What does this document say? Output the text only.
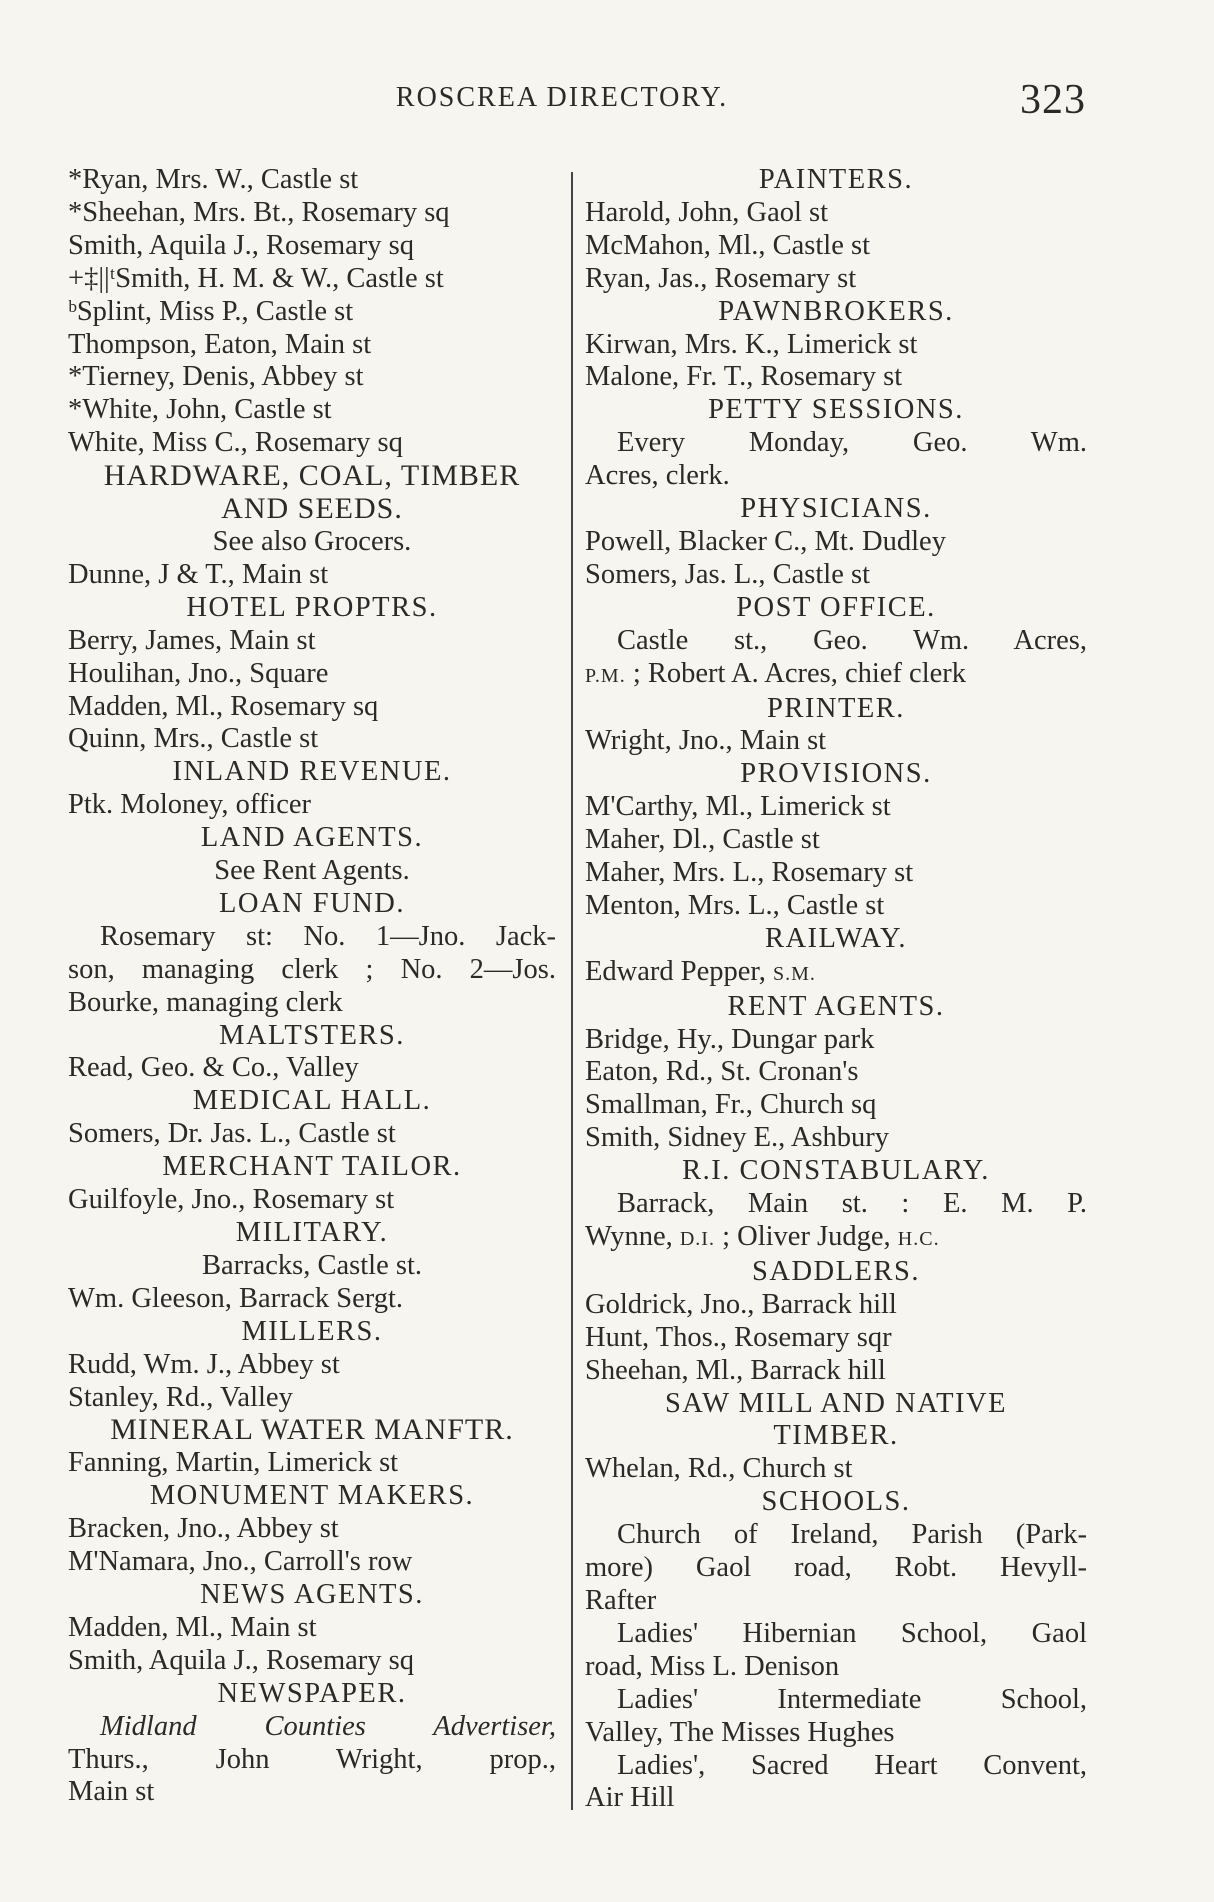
ROSCREA DIRECTORY.	323
*Ryan, Mrs. W., Castle st
*Sheehan, Mrs. Bt., Rosemary sq
Smith, Aquila J., Rosemary sq
+‡||ᵗSmith, H. M. & W., Castle st
ᵇSplint, Miss P., Castle st
Thompson, Eaton, Main st
*Tierney, Denis, Abbey st
*White, John, Castle st
White, Miss C., Rosemary sq
HARDWARE, COAL, TIMBER
AND SEEDS.
See also Grocers.
Dunne, J & T., Main st
HOTEL PROPTRS.
Berry, James, Main st
Houlihan, Jno., Square
Madden, Ml., Rosemary sq
Quinn, Mrs., Castle st
INLAND REVENUE.
Ptk. Moloney, officer
LAND AGENTS.
See Rent Agents.
LOAN FUND.
Rosemary st: No. 1—Jno. Jack-
son, managing clerk ; No. 2—Jos.
Bourke, managing clerk
MALTSTERS.
Read, Geo. & Co., Valley
MEDICAL HALL.
Somers, Dr. Jas. L., Castle st
MERCHANT TAILOR.
Guilfoyle, Jno., Rosemary st
MILITARY.
Barracks, Castle st.
Wm. Gleeson, Barrack Sergt.
MILLERS.
Rudd, Wm. J., Abbey st
Stanley, Rd., Valley
MINERAL WATER MANFTR.
Fanning, Martin, Limerick st
MONUMENT MAKERS.
Bracken, Jno., Abbey st
M'Namara, Jno., Carroll's row
NEWS AGENTS.
Madden, Ml., Main st
Smith, Aquila J., Rosemary sq
NEWSPAPER.
Midland Counties Advertiser,
Thurs., John Wright, prop.,
Main st
PAINTERS.
Harold, John, Gaol st
McMahon, Ml., Castle st
Ryan, Jas., Rosemary st
PAWNBROKERS.
Kirwan, Mrs. K., Limerick st
Malone, Fr. T., Rosemary st
PETTY SESSIONS.
Every Monday, Geo. Wm.
Acres, clerk.
PHYSICIANS.
Powell, Blacker C., Mt. Dudley
Somers, Jas. L., Castle st
POST OFFICE.
Castle st., Geo. Wm. Acres,
P.M. ; Robert A. Acres, chief clerk
PRINTER.
Wright, Jno., Main st
PROVISIONS.
M'Carthy, Ml., Limerick st
Maher, Dl., Castle st
Maher, Mrs. L., Rosemary st
Menton, Mrs. L., Castle st
RAILWAY.
Edward Pepper, S.M.
RENT AGENTS.
Bridge, Hy., Dungar park
Eaton, Rd., St. Cronan's
Smallman, Fr., Church sq
Smith, Sidney E., Ashbury
R.I. CONSTABULARY.
Barrack, Main st. : E. M. P.
Wynne, D.I. ; Oliver Judge, H.C.
SADDLERS.
Goldrick, Jno., Barrack hill
Hunt, Thos., Rosemary sqr
Sheehan, Ml., Barrack hill
SAW MILL AND NATIVE
TIMBER.
Whelan, Rd., Church st
SCHOOLS.
Church of Ireland, Parish (Park-
more) Gaol road, Robt. Hevyll-
Rafter
Ladies' Hibernian School, Gaol
road, Miss L. Denison
Ladies' Intermediate School,
Valley, The Misses Hughes
Ladies', Sacred Heart Convent,
Air Hill
